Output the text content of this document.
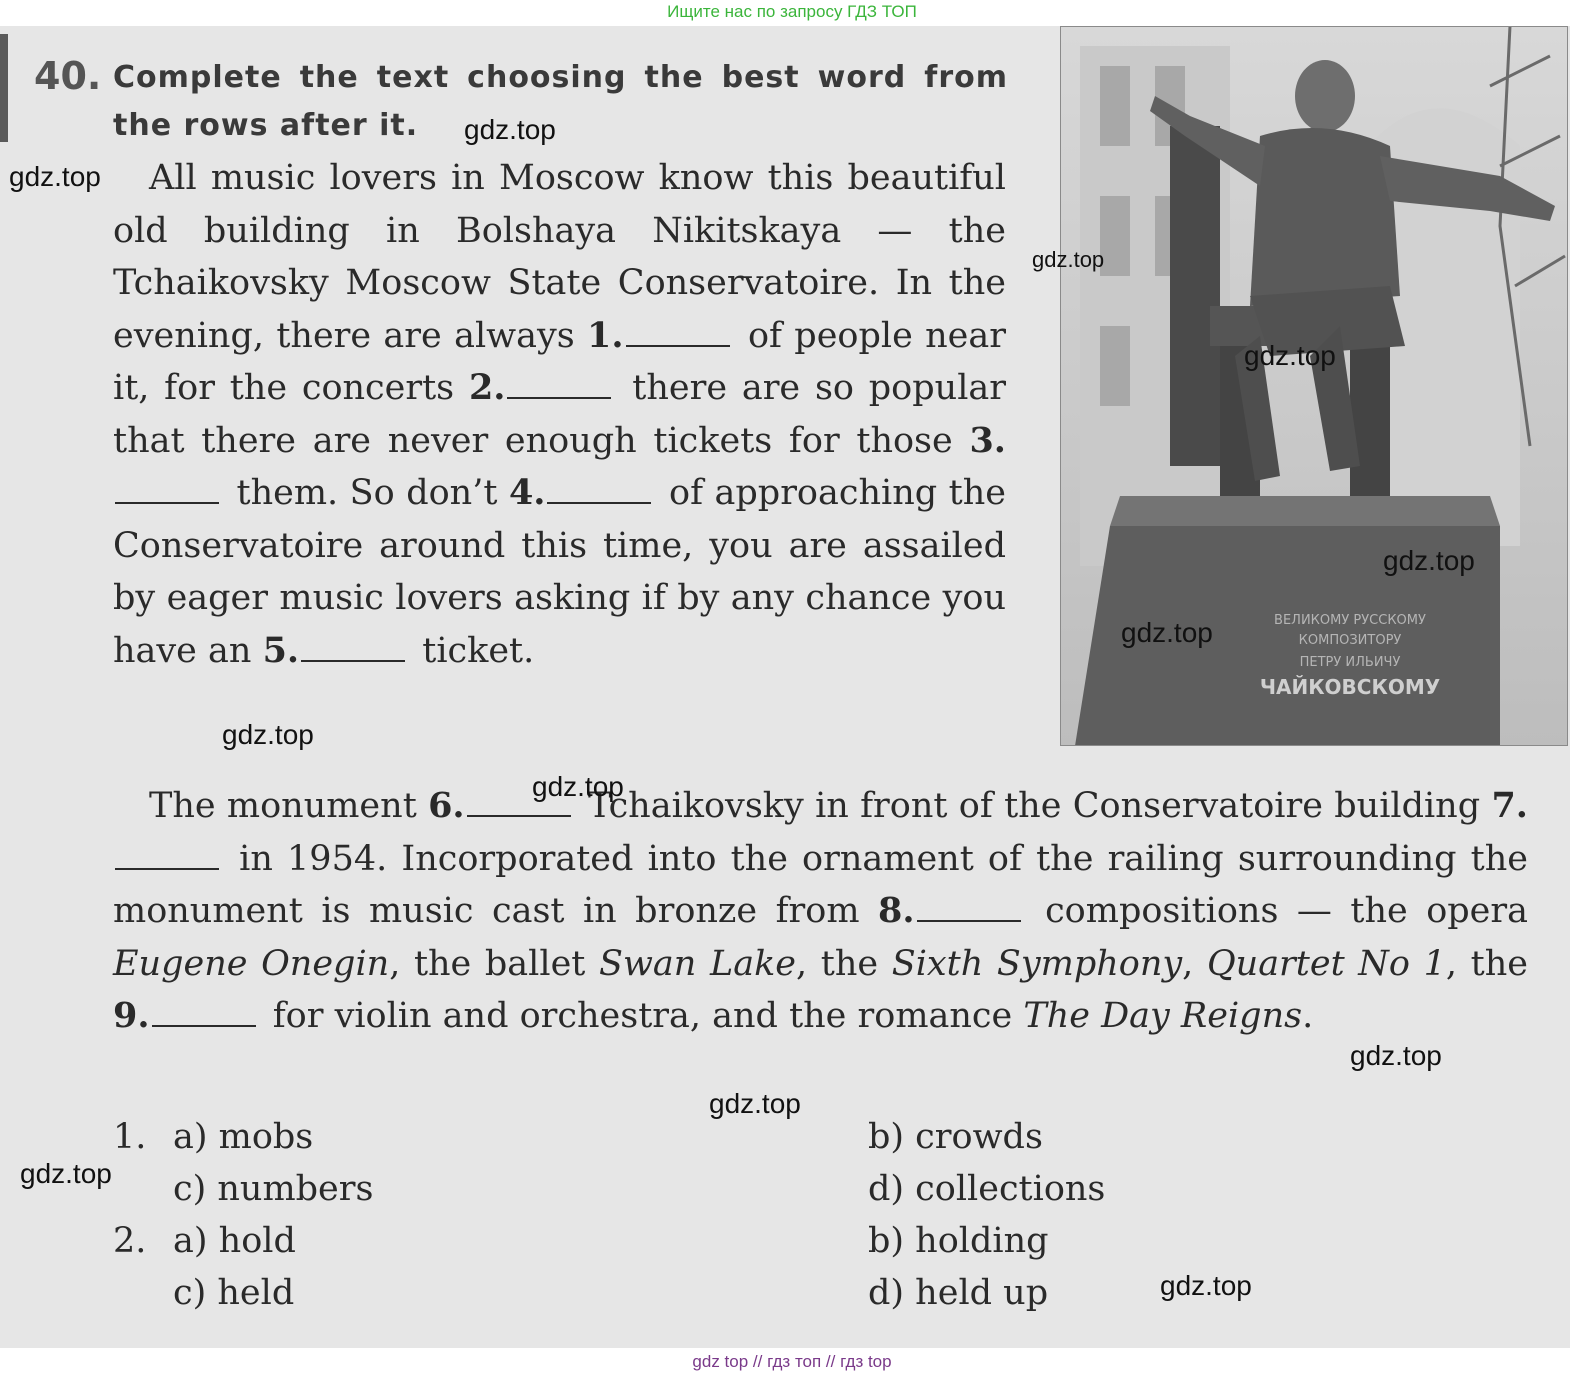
Ищите нас по запросу ГДЗ ТОП
40. Complete the text choosing the best word from the rows after it.
All music lovers in Moscow know this beautiful old building in Bolshaya Nikitskaya — the Tchaikovsky Moscow State Conservatoire. In the evening, there are always 1.	of people near it, for the concerts 2.	there are so popular that there are never enough tickets for those 3. them. So don’t 4.	of approaching the Conservatoire around this time, you are assailed by eager music lovers asking if by any chance you have an 5.	ticket.
The monument 6.	Tchaikovsky in front of the Conservatoire building 7. in 1954. Incorporated into the ornament of the railing surrounding the monument is music cast in bronze from 8.	compositions — the opera Eugene Onegin, the ballet Swan Lake, the Sixth Symphony, Quartet No 1, the 9.	for violin and orchestra, and the romance The Day Reigns.
1. a) mobs	b) crowds
c) numbers	d) collections
2. a) hold	b) holding
c) held	d) held up
ВЕЛИКОМУ РУССКОМУ
КОМПОЗИТОРУ
ПЕТРУ ИЛЬИЧУ
ЧАЙКОВСКОМУ
gdz.top
gdz.top
gdz.top
gdz.top
gdz.top
gdz.top
gdz.top
gdz.top
gdz.top
gdz.top
gdz.top
gdz.top
gdz top // гдз топ // гдз top
